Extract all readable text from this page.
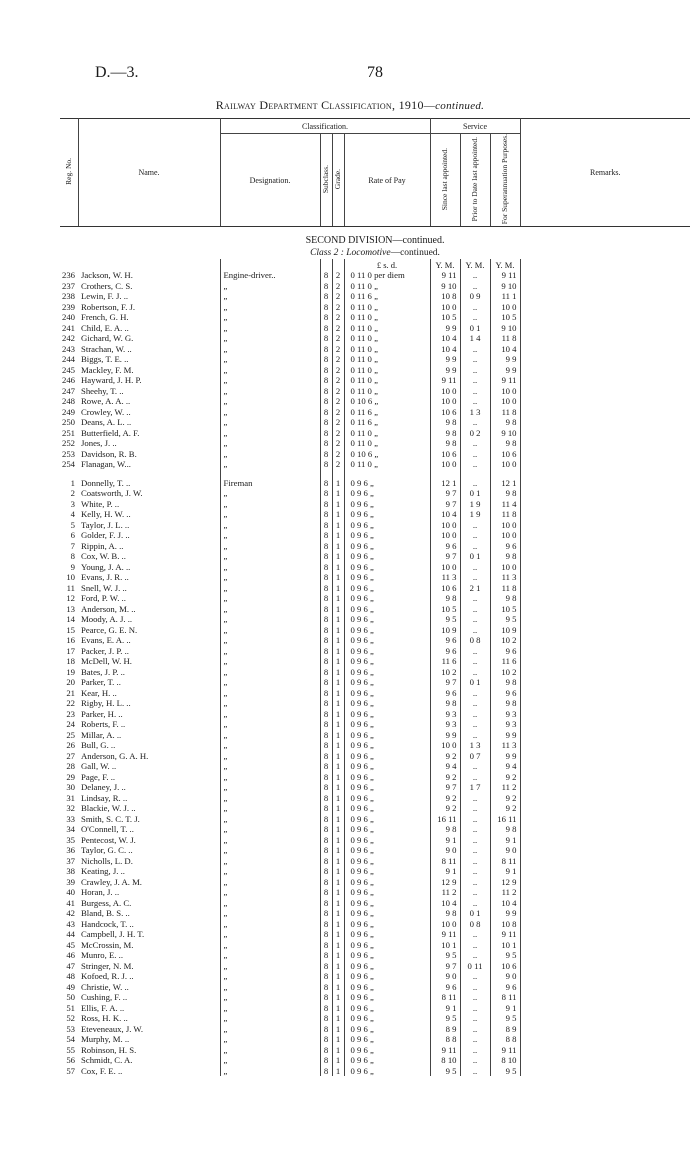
D.—3.	78
Railway Department Classification, 1910—continued.
Reg. No.	Name.	Classification.				Service			Remarks.
		Designation.	Subclass.	Grade.	Rate of Pay	Since last appointed.	Prior to Date last appointed.	For Superannuation Purposes.	
SECOND DIVISION—continued.									
Class 2 : Locomotive—continued.									
					£ s. d.	Y. M.	Y. M.	Y. M.	
236	Jackson, W. H.	Engine-driver..	8	2	0 11 0 per diem	9 11	..	9 11	
237	Crothers, C. S.	„	8	2	0 11 0 „	9 10	..	9 10	
238	Lewin, F. J. ..	„	8	2	0 11 6 „	10 8	0 9	11 1	
239	Robertson, F. J.	„	8	2	0 11 0 „	10 0	..	10 0	
240	French, G. H.	„	8	2	0 11 0 „	10 5	..	10 5	
241	Child, E. A. ..	„	8	2	0 11 0 „	9 9	0 1	9 10	
242	Gichard, W. G.	„	8	2	0 11 0 „	10 4	1 4	11 8	
243	Strachan, W. ..	„	8	2	0 11 0 „	10 4	..	10 4	
244	Biggs, T. E. ..	„	8	2	0 11 0 „	9 9	..	9 9	
245	Mackley, F. M.	„	8	2	0 11 0 „	9 9	..	9 9	
246	Hayward, J. H. P.	„	8	2	0 11 0 „	9 11	..	9 11	
247	Sheehy, T. ..	„	8	2	0 11 0 „	10 0	..	10 0	
248	Rowe, A. A. ..	„	8	2	0 10 6 „	10 0	..	10 0	
249	Crowley, W. ..	„	8	2	0 11 6 „	10 6	1 3	11 8	
250	Deans, A. L. ..	„	8	2	0 11 6 „	9 8	..	9 8	
251	Butterfield, A. F.	„	8	2	0 11 0 „	9 8	0 2	9 10	
252	Jones, J. ..	„	8	2	0 11 0 „	9 8	..	9 8	
253	Davidson, R. B.	„	8	2	0 10 6 „	10 6	..	10 6	
254	Flanagan, W...	„	8	2	0 11 0 „	10 0	..	10 0	

1	Donnelly, T. ..	Fireman	8	1	0 9 6 „	12 1	..	12 1	
2	Coatsworth, J. W.	„	8	1	0 9 6 „	9 7	0 1	9 8	
3	White, P. ..	„	8	1	0 9 6 „	9 7	1 9	11 4	
4	Kelly, H. W. ..	„	8	1	0 9 6 „	10 4	1 9	11 8	
5	Taylor, J. L. ..	„	8	1	0 9 6 „	10 0	..	10 0	
6	Golder, F. J. ..	„	8	1	0 9 6 „	10 0	..	10 0	
7	Rippin, A. ..	„	8	1	0 9 6 „	9 6	..	9 6	
8	Cox, W. B. ..	„	8	1	0 9 6 „	9 7	0 1	9 8	
9	Young, J. A. ..	„	8	1	0 9 6 „	10 0	..	10 0	
10	Evans, J. R. ..	„	8	1	0 9 6 „	11 3	..	11 3	
11	Snell, W. J. ..	„	8	1	0 9 6 „	10 6	2 1	11 8	
12	Ford, P. W. ..	„	8	1	0 9 6 „	9 8	..	9 8	
13	Anderson, M. ..	„	8	1	0 9 6 „	10 5	..	10 5	
14	Moody, A. J. ..	„	8	1	0 9 6 „	9 5	..	9 5	
15	Pearce, G. E. N.	„	8	1	0 9 6 „	10 9	..	10 9	
16	Evans, E. A. ..	„	8	1	0 9 6 „	9 6	0 8	10 2	
17	Packer, J. P. ..	„	8	1	0 9 6 „	9 6	..	9 6	
18	McDell, W. H.	„	8	1	0 9 6 „	11 6	..	11 6	
19	Bates, J. P. ..	„	8	1	0 9 6 „	10 2	..	10 2	
20	Parker, T. ..	„	8	1	0 9 6 „	9 7	0 1	9 8	
21	Kear, H. ..	„	8	1	0 9 6 „	9 6	..	9 6	
22	Rigby, H. L. ..	„	8	1	0 9 6 „	9 8	..	9 8	
23	Parker, H. ..	„	8	1	0 9 6 „	9 3	..	9 3	
24	Roberts, F. ..	„	8	1	0 9 6 „	9 3	..	9 3	
25	Millar, A. ..	„	8	1	0 9 6 „	9 9	..	9 9	
26	Bull, G. ..	„	8	1	0 9 6 „	10 0	1 3	11 3	
27	Anderson, G. A. H.	„	8	1	0 9 6 „	9 2	0 7	9 9	
28	Gall, W. ..	„	8	1	0 9 6 „	9 4	..	9 4	
29	Page, F. ..	„	8	1	0 9 6 „	9 2	..	9 2	
30	Delaney, J. ..	„	8	1	0 9 6 „	9 7	1 7	11 2	
31	Lindsay, R. ..	„	8	1	0 9 6 „	9 2	..	9 2	
32	Blackie, W. J. ..	„	8	1	0 9 6 „	9 2	..	9 2	
33	Smith, S. C. T. J.	„	8	1	0 9 6 „	16 11	..	16 11	
34	O'Connell, T. ..	„	8	1	0 9 6 „	9 8	..	9 8	
35	Pentecost, W. J.	„	8	1	0 9 6 „	9 1	..	9 1	
36	Taylor, G. C. ..	„	8	1	0 9 6 „	9 0	..	9 0	
37	Nicholls, L. D.	„	8	1	0 9 6 „	8 11	..	8 11	
38	Keating, J. ..	„	8	1	0 9 6 „	9 1	..	9 1	
39	Crawley, J. A. M.	„	8	1	0 9 6 „	12 9	..	12 9	
40	Horan, J. ..	„	8	1	0 9 6 „	11 2	..	11 2	
41	Burgess, A. C.	„	8	1	0 9 6 „	10 4	..	10 4	
42	Bland, B. S. ..	„	8	1	0 9 6 „	9 8	0 1	9 9	
43	Handcock, T. ..	„	8	1	0 9 6 „	10 0	0 8	10 8	
44	Campbell, J. H. T.	„	8	1	0 9 6 „	9 11	..	9 11	
45	McCrossin, M.	„	8	1	0 9 6 „	10 1	..	10 1	
46	Munro, E. ..	„	8	1	0 9 6 „	9 5	..	9 5	
47	Stringer, N. M.	„	8	1	0 9 6 „	9 7	0 11	10 6	
48	Kofoed, R. J. ..	„	8	1	0 9 6 „	9 0	..	9 0	
49	Christie, W. ..	„	8	1	0 9 6 „	9 6	..	9 6	
50	Cushing, F. ..	„	8	1	0 9 6 „	8 11	..	8 11	
51	Ellis, F. A. ..	„	8	1	0 9 6 „	9 1	..	9 1	
52	Ross, H. K. ..	„	8	1	0 9 6 „	9 5	..	9 5	
53	Eteveneaux, J. W.	„	8	1	0 9 6 „	8 9	..	8 9	
54	Murphy, M. ..	„	8	1	0 9 6 „	8 8	..	8 8	
55	Robinson, H. S.	„	8	1	0 9 6 „	9 11	..	9 11	
56	Schmidt, C. A.	„	8	1	0 9 6 „	8 10	..	8 10	
57	Cox, F. E. ..	„	8	1	0 9 6 „	9 5	..	9 5	
